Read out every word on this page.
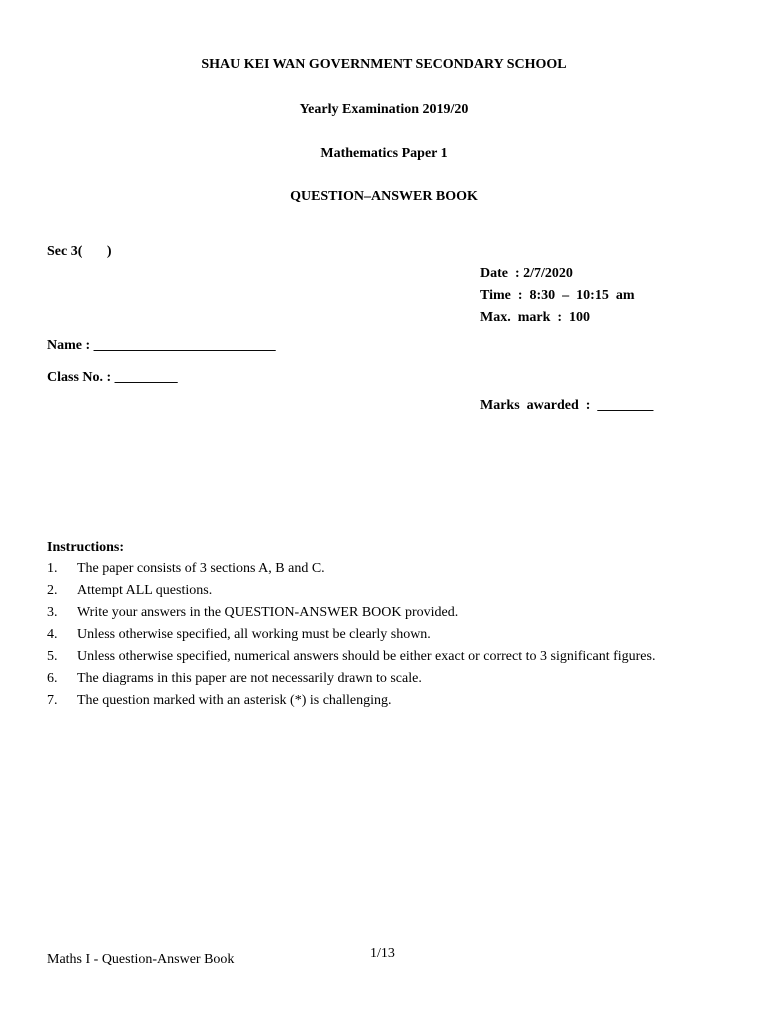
SHAU KEI WAN GOVERNMENT SECONDARY SCHOOL
Yearly Examination 2019/20
Mathematics Paper 1
QUESTION–ANSWER BOOK
Sec 3(       )
Date  : 2/7/2020
Time  :  8:30  –  10:15  am
Max.  mark  :  100
Name : __________________________
Class No. : _________
Marks  awarded  :  ________
Instructions:
1. The paper consists of 3 sections A, B and C.
2. Attempt ALL questions.
3. Write your answers in the QUESTION-ANSWER BOOK provided.
4. Unless otherwise specified, all working must be clearly shown.
5. Unless otherwise specified, numerical answers should be either exact or correct to 3 significant figures.
6. The diagrams in this paper are not necessarily drawn to scale.
7. The question marked with an asterisk (*) is challenging.
Maths I - Question-Answer Book	1/13
